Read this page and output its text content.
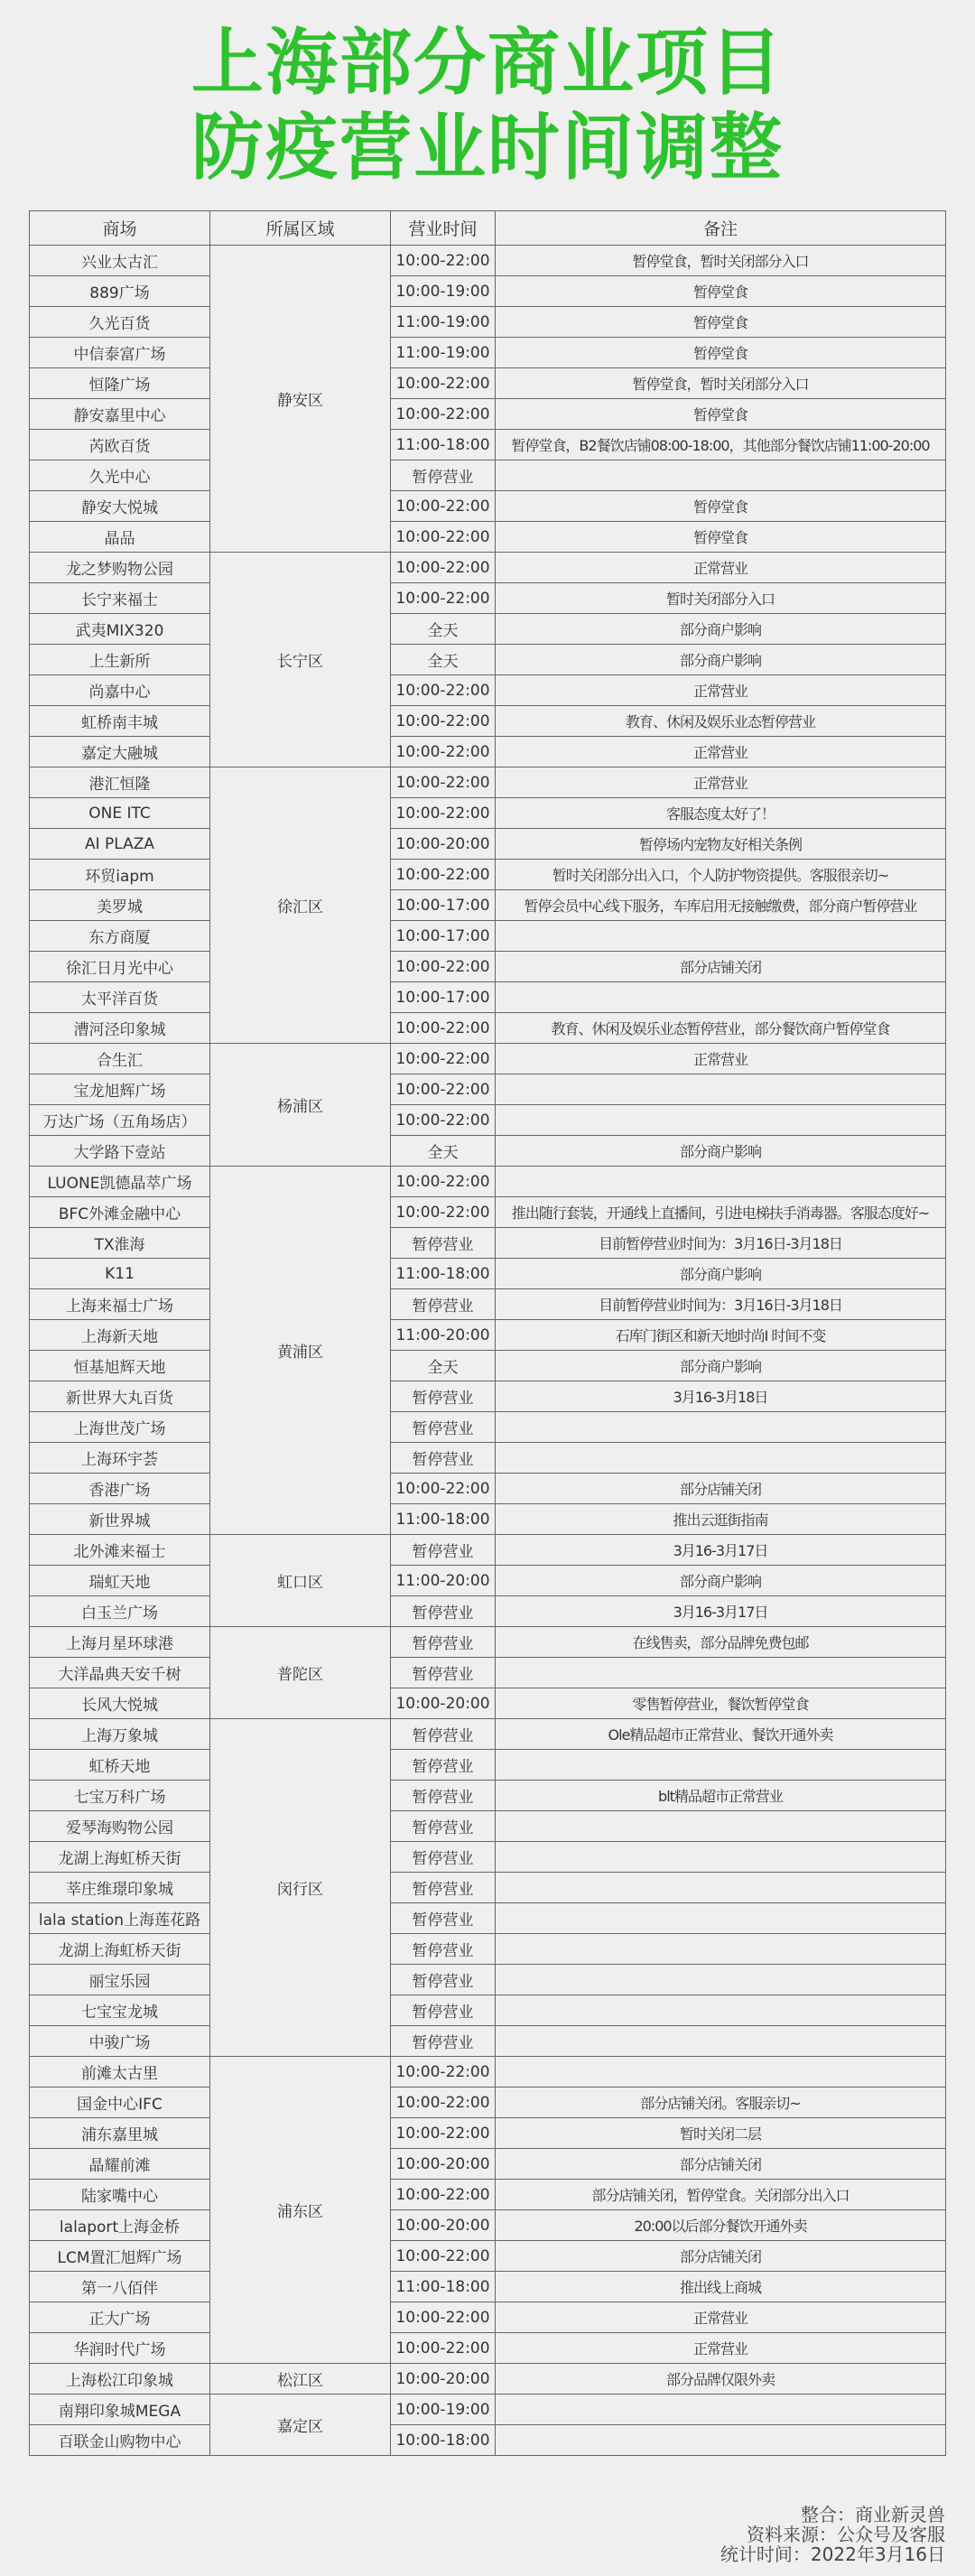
上海部分商业项目
防疫营业时间调整
商场	所属区域	营业时间	备注
兴业太古汇	静安区	10:00-22:00	暂停堂食，暂时关闭部分入口
889广场		10:00-19:00	暂停堂食
久光百货		11:00-19:00	暂停堂食
中信泰富广场		11:00-19:00	暂停堂食
恒隆广场		10:00-22:00	暂停堂食，暂时关闭部分入口
静安嘉里中心		10:00-22:00	暂停堂食
芮欧百货		11:00-18:00	暂停堂食，B2餐饮店铺08:00-18:00，其他部分餐饮店铺11:00-20:00
久光中心		暂停营业	
静安大悦城		10:00-22:00	暂停堂食
晶品		10:00-22:00	暂停堂食
龙之梦购物公园	长宁区	10:00-22:00	正常营业
长宁来福士		10:00-22:00	暂时关闭部分入口
武夷MIX320		全天	部分商户影响
上生新所		全天	部分商户影响
尚嘉中心		10:00-22:00	正常营业
虹桥南丰城		10:00-22:00	教育、休闲及娱乐业态暂停营业
嘉定大融城		10:00-22:00	正常营业
港汇恒隆	徐汇区	10:00-22:00	正常营业
ONE ITC		10:00-22:00	客服态度太好了！
AI PLAZA		10:00-20:00	暂停场内宠物友好相关条例
环贸iapm		10:00-22:00	暂时关闭部分出入口，个人防护物资提供。客服很亲切~
美罗城		10:00-17:00	暂停会员中心线下服务，车库启用无接触缴费，部分商户暂停营业
东方商厦		10:00-17:00	
徐汇日月光中心		10:00-22:00	部分店铺关闭
太平洋百货		10:00-17:00	
漕河泾印象城		10:00-22:00	教育、休闲及娱乐业态暂停营业，部分餐饮商户暂停堂食
合生汇	杨浦区	10:00-22:00	正常营业
宝龙旭辉广场		10:00-22:00	
万达广场（五角场店）		10:00-22:00	
大学路下壹站		全天	部分商户影响
LUONE凯德晶萃广场	黄浦区	10:00-22:00	
BFC外滩金融中心		10:00-22:00	推出随行套装，开通线上直播间，引进电梯扶手消毒器。客服态度好~
TX淮海		暂停营业	目前暂停营业时间为：3月16日-3月18日
K11		11:00-18:00	部分商户影响
上海来福士广场		暂停营业	目前暂停营业时间为：3月16日-3月18日
上海新天地		11:00-20:00	石库门街区和新天地时尚I 时间不变
恒基旭辉天地		全天	部分商户影响
新世界大丸百货		暂停营业	3月16-3月18日
上海世茂广场		暂停营业	
上海环宇荟		暂停营业	
香港广场		10:00-22:00	部分店铺关闭
新世界城		11:00-18:00	推出云逛街指南
北外滩来福士	虹口区	暂停营业	3月16-3月17日
瑞虹天地		11:00-20:00	部分商户影响
白玉兰广场		暂停营业	3月16-3月17日
上海月星环球港	普陀区	暂停营业	在线售卖，部分品牌免费包邮
大洋晶典天安千树		暂停营业	
长风大悦城		10:00-20:00	零售暂停营业，餐饮暂停堂食
上海万象城	闵行区	暂停营业	Ole精品超市正常营业、餐饮开通外卖
虹桥天地		暂停营业	
七宝万科广场		暂停营业	blt精品超市正常营业
爱琴海购物公园		暂停营业	
龙湖上海虹桥天街		暂停营业	
莘庄维璟印象城		暂停营业	
lala station上海莲花路		暂停营业	
龙湖上海虹桥天街		暂停营业	
丽宝乐园		暂停营业	
七宝宝龙城		暂停营业	
中骏广场		暂停营业	
前滩太古里	浦东区	10:00-22:00	
国金中心IFC		10:00-22:00	部分店铺关闭。客服亲切~
浦东嘉里城		10:00-22:00	暂时关闭二层
晶耀前滩		10:00-20:00	部分店铺关闭
陆家嘴中心		10:00-22:00	部分店铺关闭，暂停堂食。关闭部分出入口
lalaport上海金桥		10:00-20:00	20:00以后部分餐饮开通外卖
LCM置汇旭辉广场		10:00-22:00	部分店铺关闭
第一八佰伴		11:00-18:00	推出线上商城
正大广场		10:00-22:00	正常营业
华润时代广场		10:00-22:00	正常营业
上海松江印象城	松江区	10:00-20:00	部分品牌仅限外卖
南翔印象城MEGA	嘉定区	10:00-19:00	
百联金山购物中心		10:00-18:00	
整合：商业新灵兽
资料来源：公众号及客服
统计时间：2022年3月16日
